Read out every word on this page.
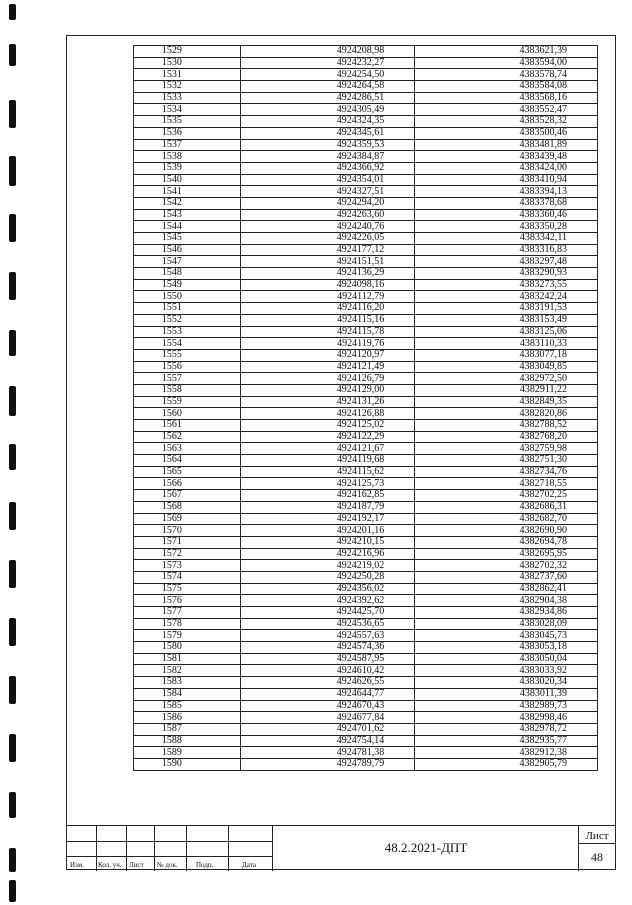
1529	4924208,98	4383621,39
1530	4924232,27	4383594,00
1531	4924254,50	4383578,74
1532	4924264,58	4383584,08
1533	4924286,51	4383568,16
1534	4924305,49	4383552,47
1535	4924324,35	4383528,32
1536	4924345,61	4383500,46
1537	4924359,53	4383481,89
1538	4924384,87	4383439,48
1539	4924366,92	4383424,00
1540	4924354,01	4383410,94
1541	4924327,51	4383394,13
1542	4924294,20	4383378,68
1543	4924263,60	4383360,46
1544	4924240,76	4383350,28
1545	4924226,05	4383342,11
1546	4924177,12	4383316,83
1547	4924151,51	4383297,48
1548	4924136,29	4383290,93
1549	4924098,16	4383273,55
1550	4924112,79	4383242,24
1551	4924116,20	4383191,53
1552	4924115,16	4383153,49
1553	4924115,78	4383125,06
1554	4924119,76	4383110,33
1555	4924120,97	4383077,18
1556	4924121,49	4383049,85
1557	4924126,79	4382972,50
1558	4924129,00	4382911,22
1559	4924131,26	4382849,35
1560	4924126,88	4382820,86
1561	4924125,02	4382788,52
1562	4924122,29	4382768,20
1563	4924121,67	4382759,98
1564	4924119,68	4382751,30
1565	4924115,62	4382734,76
1566	4924125,73	4382718,55
1567	4924162,85	4382702,25
1568	4924187,79	4382686,31
1569	4924192,17	4382682,70
1570	4924201,16	4382690,90
1571	4924210,15	4382694,78
1572	4924216,96	4382695,95
1573	4924219,02	4382702,32
1574	4924250,28	4382737,60
1575	4924356,02	4382862,41
1576	4924392,62	4382904,38
1577	4924425,70	4382934,86
1578	4924536,65	4383028,09
1579	4924557,63	4383045,73
1580	4924574,36	4383053,18
1581	4924587,95	4383050,04
1582	4924610,42	4383033,92
1583	4924626,55	4383020,34
1584	4924644,77	4383011,39
1585	4924670,43	4382989,73
1586	4924677,84	4382998,46
1587	4924701,62	4382978,72
1588	4924754,14	4382935,77
1589	4924781,38	4382912,38
1590	4924789,79	4382905,79
Изм. Кол. уч. Лист № док.	Подп.	Дата
48.2.2021-ДПТ
Лист
48
